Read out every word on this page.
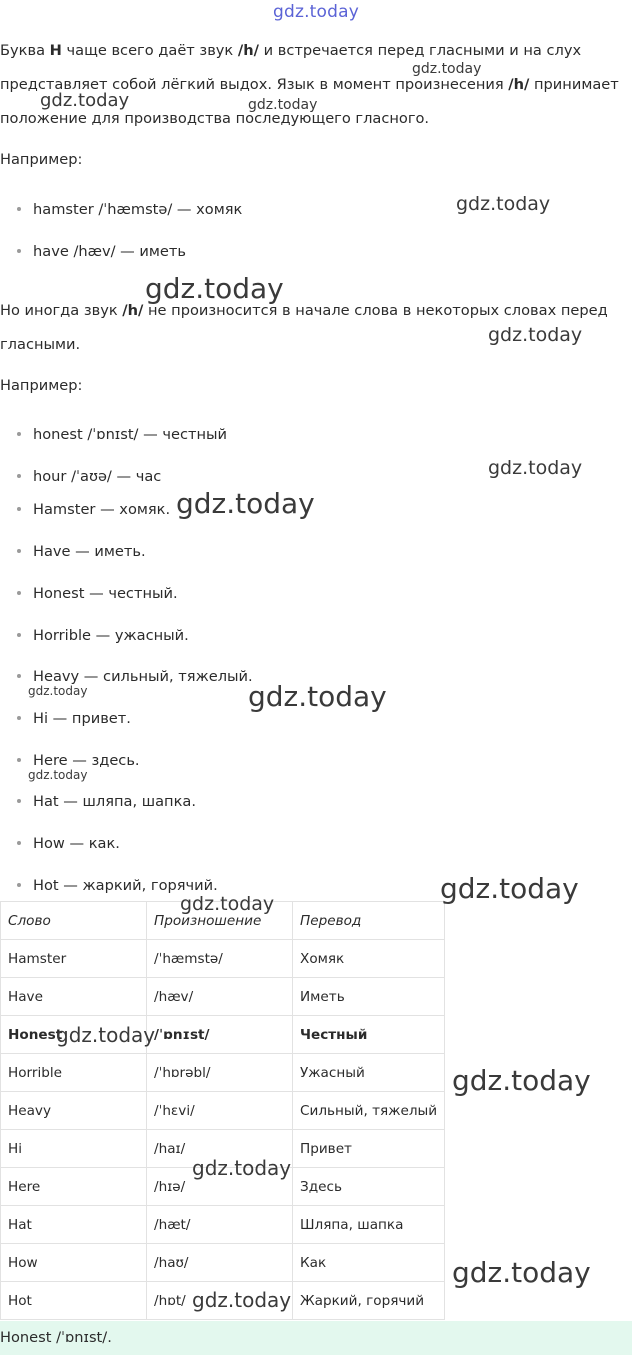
gdz.today

Буква H чаще всего даёт звук /h/ и встречается перед гласными и на слух представляет собой лёгкий выдох. Язык в момент произнесения /h/ принимает положение для производства последующего гласного.

Например:

hamster /ˈhæmstə/ — хомяк
have /hæv/ — иметь

Но иногда звук /h/ не произносится в начале слова в некоторых словах перед гласными.

Например:

honest /ˈɒnɪst/ — честный
hour /ˈaʊə/ — час
Hamster — хомяк.
Have — иметь.
Honest — честный.
Horrible — ужасный.
Heavy — сильный, тяжелый.
Hi — привет.
Here — здесь.
Hat — шляпа, шапка.
How — как.
Hot — жаркий, горячий.
Слово	Произношение	Перевод
Hamster	/ˈhæmstə/	Хомяк
Have	/hæv/	Иметь
Honest	/ˈɒnɪst/	Честный
Horrible	/ˈhɒrəbl/	Ужасный
Heavy	/ˈhɛvi/	Сильный, тяжелый
Hi	/haɪ/	Привет
Here	/hɪə/	Здесь
Hat	/hæt/	Шляпа, шапка
How	/haʊ/	Как
Hot	/hɒt/	Жаркий, горячий
Honest /ˈɒnɪst/.
gdz.today
gdz.today	gdz.today
gdz.today
gdz.today
gdz.today
gdz.today
gdz.today
gdz.today	gdz.today
gdz.today
gdz.today
gdz.today
gdz.today
gdz.today
gdz.today
gdz.today
gdz.today
